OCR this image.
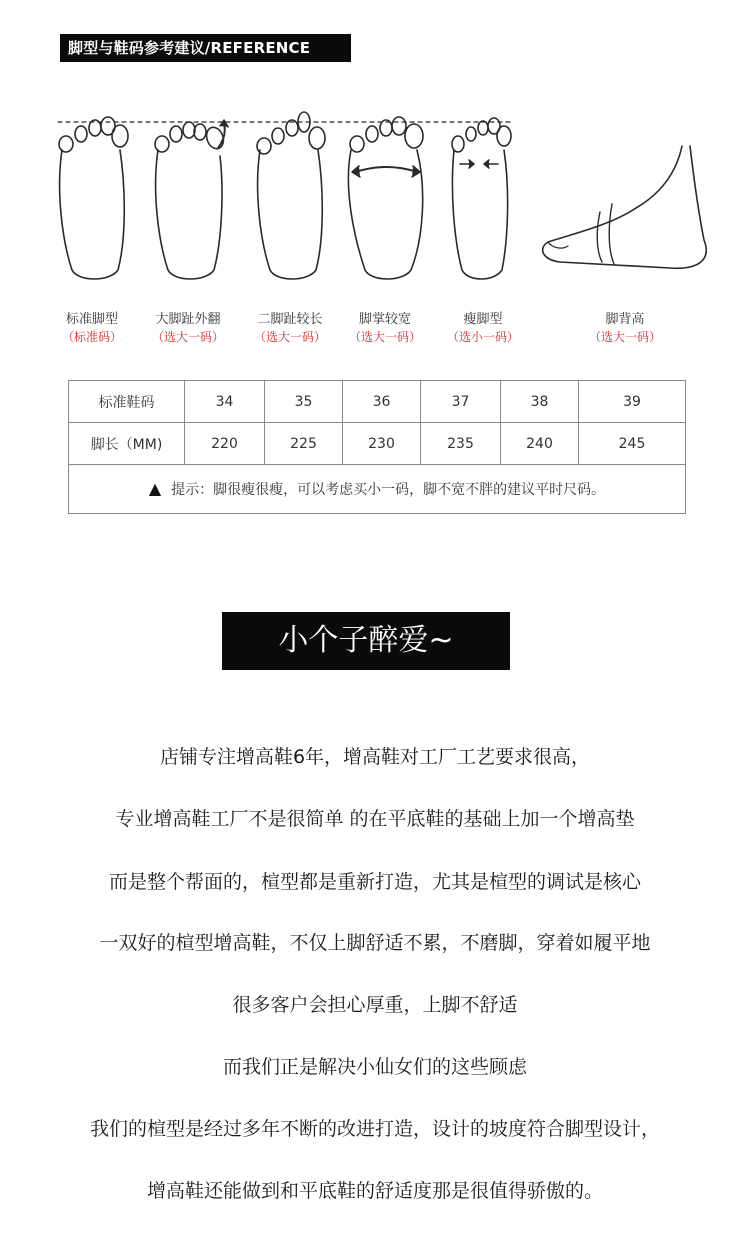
脚型与鞋码参考建议/REFERENCE
标准脚型
（标准码）
大脚趾外翻
（选大一码）
二脚趾较长
（选大一码）
脚掌较宽
（选大一码）
瘦脚型
（选小一码）
脚背高
（选大一码）
标准鞋码	34	35	36	37	38	39
脚长（MM)	220	225	230	235	240	245
▲ 提示：脚很瘦很瘦，可以考虑买小一码，脚不宽不胖的建议平时尺码。						
小个子醉爱~
店铺专注增高鞋6年，增高鞋对工厂工艺要求很高，
专业增高鞋工厂不是很简单 的在平底鞋的基础上加一个增高垫
而是整个帮面的，楦型都是重新打造，尤其是楦型的调试是核心
一双好的楦型增高鞋，不仅上脚舒适不累，不磨脚，穿着如履平地
很多客户会担心厚重，上脚不舒适
而我们正是解决小仙女们的这些顾虑
我们的楦型是经过多年不断的改进打造，设计的坡度符合脚型设计，
增高鞋还能做到和平底鞋的舒适度那是很值得骄傲的。
